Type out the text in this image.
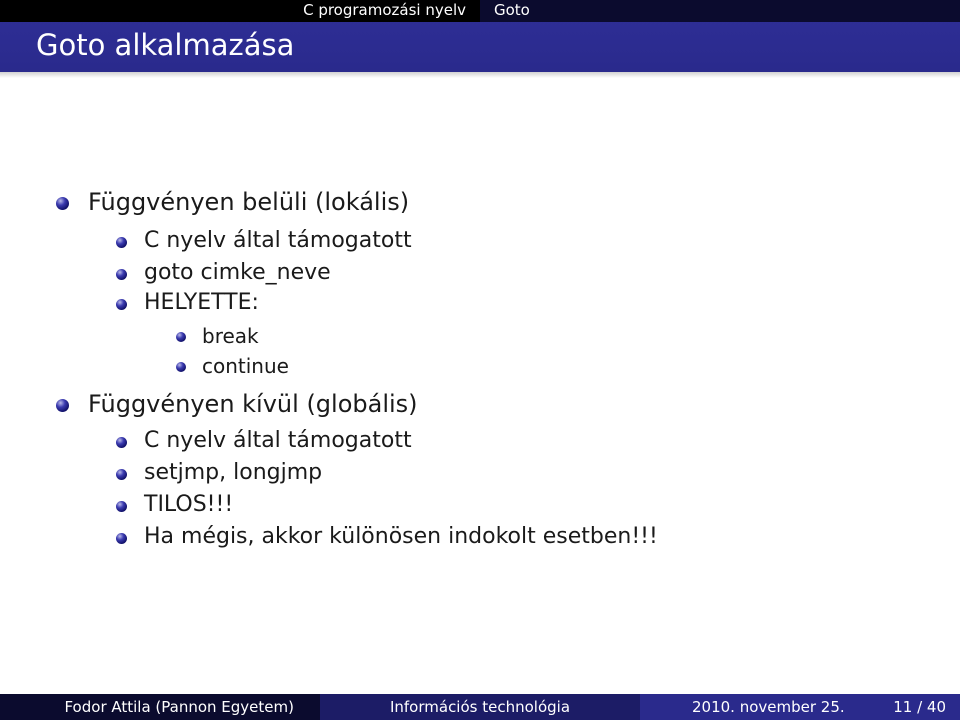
C programozási nyelv Goto
Goto alkalmazása
Függvényen belüli (lokális)
C nyelv által támogatott
goto cimke_neve
HELYETTE:
break
continue
Függvényen kívül (globális)
C nyelv által támogatott
setjmp, longjmp
TILOS!!!
Ha mégis, akkor különösen indokolt esetben!!!
Fodor Attila (Pannon Egyetem)	Információs technológia	2010. november 25.	11 / 40
